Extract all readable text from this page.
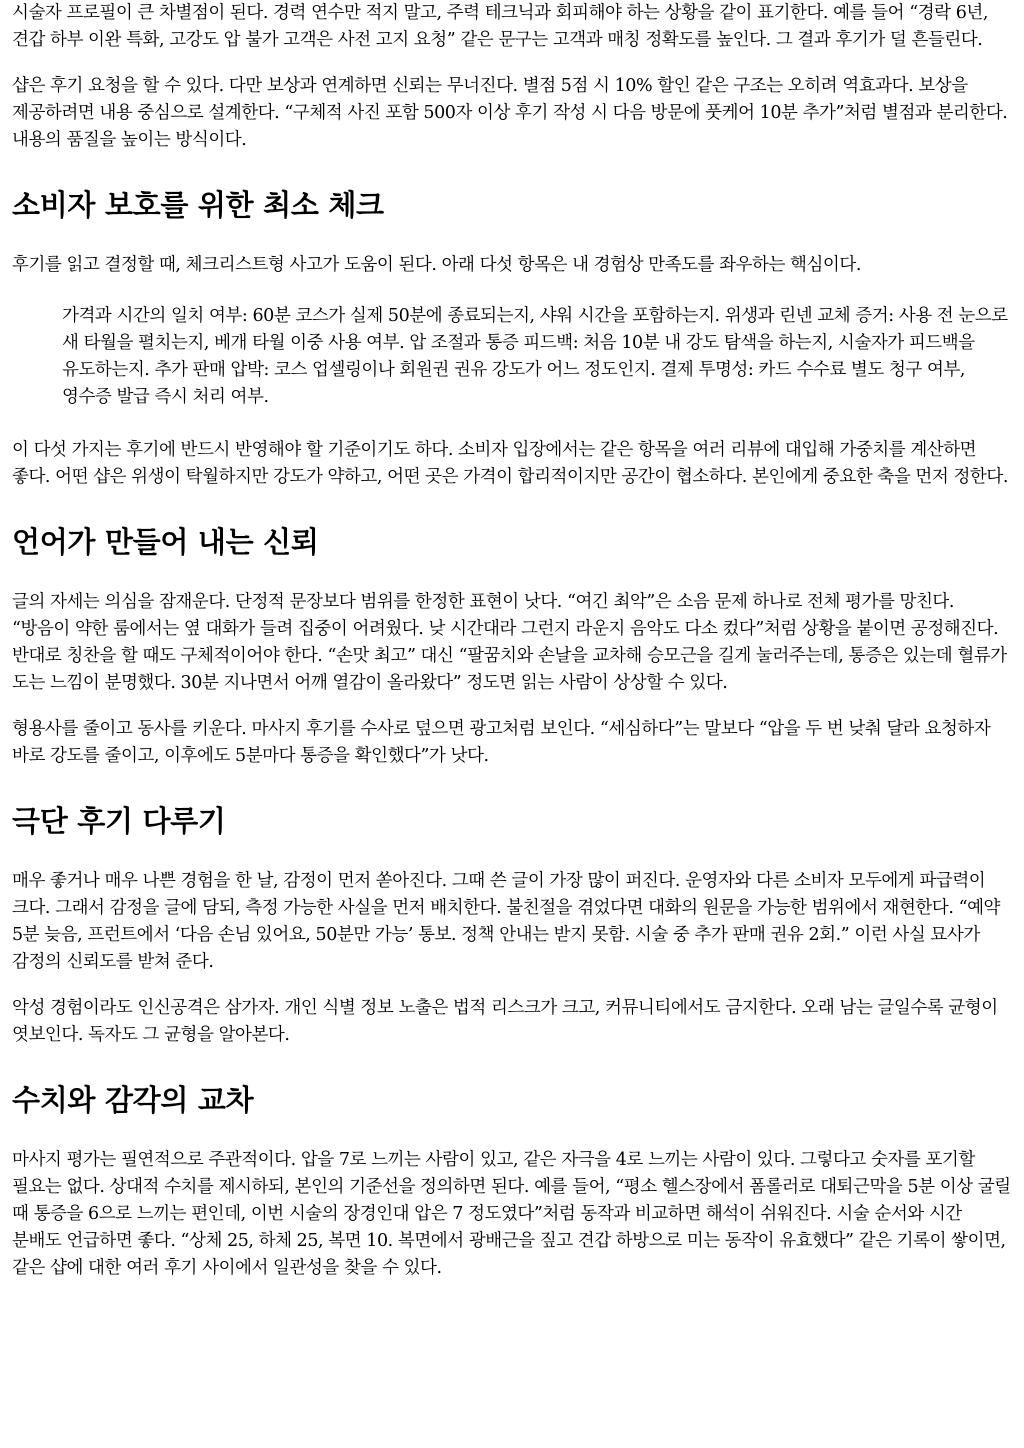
시술자 프로필이 큰 차별점이 된다. 경력 연수만 적지 말고, 주력 테크닉과 회피해야 하는 상황을 같이 표기한다. 예를 들어 “경락 6년, 견갑 하부 이완 특화, 고강도 압 불가 고객은 사전 고지 요청” 같은 문구는 고객과 매칭 정확도를 높인다. 그 결과 후기가 덜 흔들린다.

샵은 후기 요청을 할 수 있다. 다만 보상과 연계하면 신뢰는 무너진다. 별점 5점 시 10% 할인 같은 구조는 오히려 역효과다. 보상을 제공하려면 내용 중심으로 설계한다. “구체적 사진 포함 500자 이상 후기 작성 시 다음 방문에 풋케어 10분 추가”처럼 별점과 분리한다. 내용의 품질을 높이는 방식이다.

소비자 보호를 위한 최소 체크

후기를 읽고 결정할 때, 체크리스트형 사고가 도움이 된다. 아래 다섯 항목은 내 경험상 만족도를 좌우하는 핵심이다.

가격과 시간의 일치 여부: 60분 코스가 실제 50분에 종료되는지, 샤워 시간을 포함하는지. 위생과 린넨 교체 증거: 사용 전 눈으로 새 타월을 펼치는지, 베개 타월 이중 사용 여부. 압 조절과 통증 피드백: 처음 10분 내 강도 탐색을 하는지, 시술자가 피드백을 유도하는지. 추가 판매 압박: 코스 업셀링이나 회원권 권유 강도가 어느 정도인지. 결제 투명성: 카드 수수료 별도 청구 여부, 영수증 발급 즉시 처리 여부.

이 다섯 가지는 후기에 반드시 반영해야 할 기준이기도 하다. 소비자 입장에서는 같은 항목을 여러 리뷰에 대입해 가중치를 계산하면 좋다. 어떤 샵은 위생이 탁월하지만 강도가 약하고, 어떤 곳은 가격이 합리적이지만 공간이 협소하다. 본인에게 중요한 축을 먼저 정한다.

언어가 만들어 내는 신뢰

글의 자세는 의심을 잠재운다. 단정적 문장보다 범위를 한정한 표현이 낫다. “여긴 최악”은 소음 문제 하나로 전체 평가를 망친다. “방음이 약한 룸에서는 옆 대화가 들려 집중이 어려웠다. 낮 시간대라 그런지 라운지 음악도 다소 컸다”처럼 상황을 붙이면 공정해진다. 반대로 칭찬을 할 때도 구체적이어야 한다. “손맛 최고” 대신 “팔꿈치와 손날을 교차해 승모근을 길게 눌러주는데, 통증은 있는데 혈류가 도는 느낌이 분명했다. 30분 지나면서 어깨 열감이 올라왔다” 정도면 읽는 사람이 상상할 수 있다.

형용사를 줄이고 동사를 키운다. 마사지 후기를 수사로 덮으면 광고처럼 보인다. “세심하다”는 말보다 “압을 두 번 낮춰 달라 요청하자 바로 강도를 줄이고, 이후에도 5분마다 통증을 확인했다”가 낫다.

극단 후기 다루기

매우 좋거나 매우 나쁜 경험을 한 날, 감정이 먼저 쏟아진다. 그때 쓴 글이 가장 많이 퍼진다. 운영자와 다른 소비자 모두에게 파급력이 크다. 그래서 감정을 글에 담되, 측정 가능한 사실을 먼저 배치한다. 불친절을 겪었다면 대화의 원문을 가능한 범위에서 재현한다. “예약 5분 늦음, 프런트에서 ‘다음 손님 있어요, 50분만 가능’ 통보. 정책 안내는 받지 못함. 시술 중 추가 판매 권유 2회.” 이런 사실 묘사가 감정의 신뢰도를 받쳐 준다.

악성 경험이라도 인신공격은 삼가자. 개인 식별 정보 노출은 법적 리스크가 크고, 커뮤니티에서도 금지한다. 오래 남는 글일수록 균형이 엿보인다. 독자도 그 균형을 알아본다.

수치와 감각의 교차

마사지 평가는 필연적으로 주관적이다. 압을 7로 느끼는 사람이 있고, 같은 자극을 4로 느끼는 사람이 있다. 그렇다고 숫자를 포기할 필요는 없다. 상대적 수치를 제시하되, 본인의 기준선을 정의하면 된다. 예를 들어, “평소 헬스장에서 폼롤러로 대퇴근막을 5분 이상 굴릴 때 통증을 6으로 느끼는 편인데, 이번 시술의 장경인대 압은 7 정도였다”처럼 동작과 비교하면 해석이 쉬워진다. 시술 순서와 시간 분배도 언급하면 좋다. “상체 25, 하체 25, 복면 10. 복면에서 광배근을 짚고 견갑 하방으로 미는 동작이 유효했다” 같은 기록이 쌓이면, 같은 샵에 대한 여러 후기 사이에서 일관성을 찾을 수 있다.
